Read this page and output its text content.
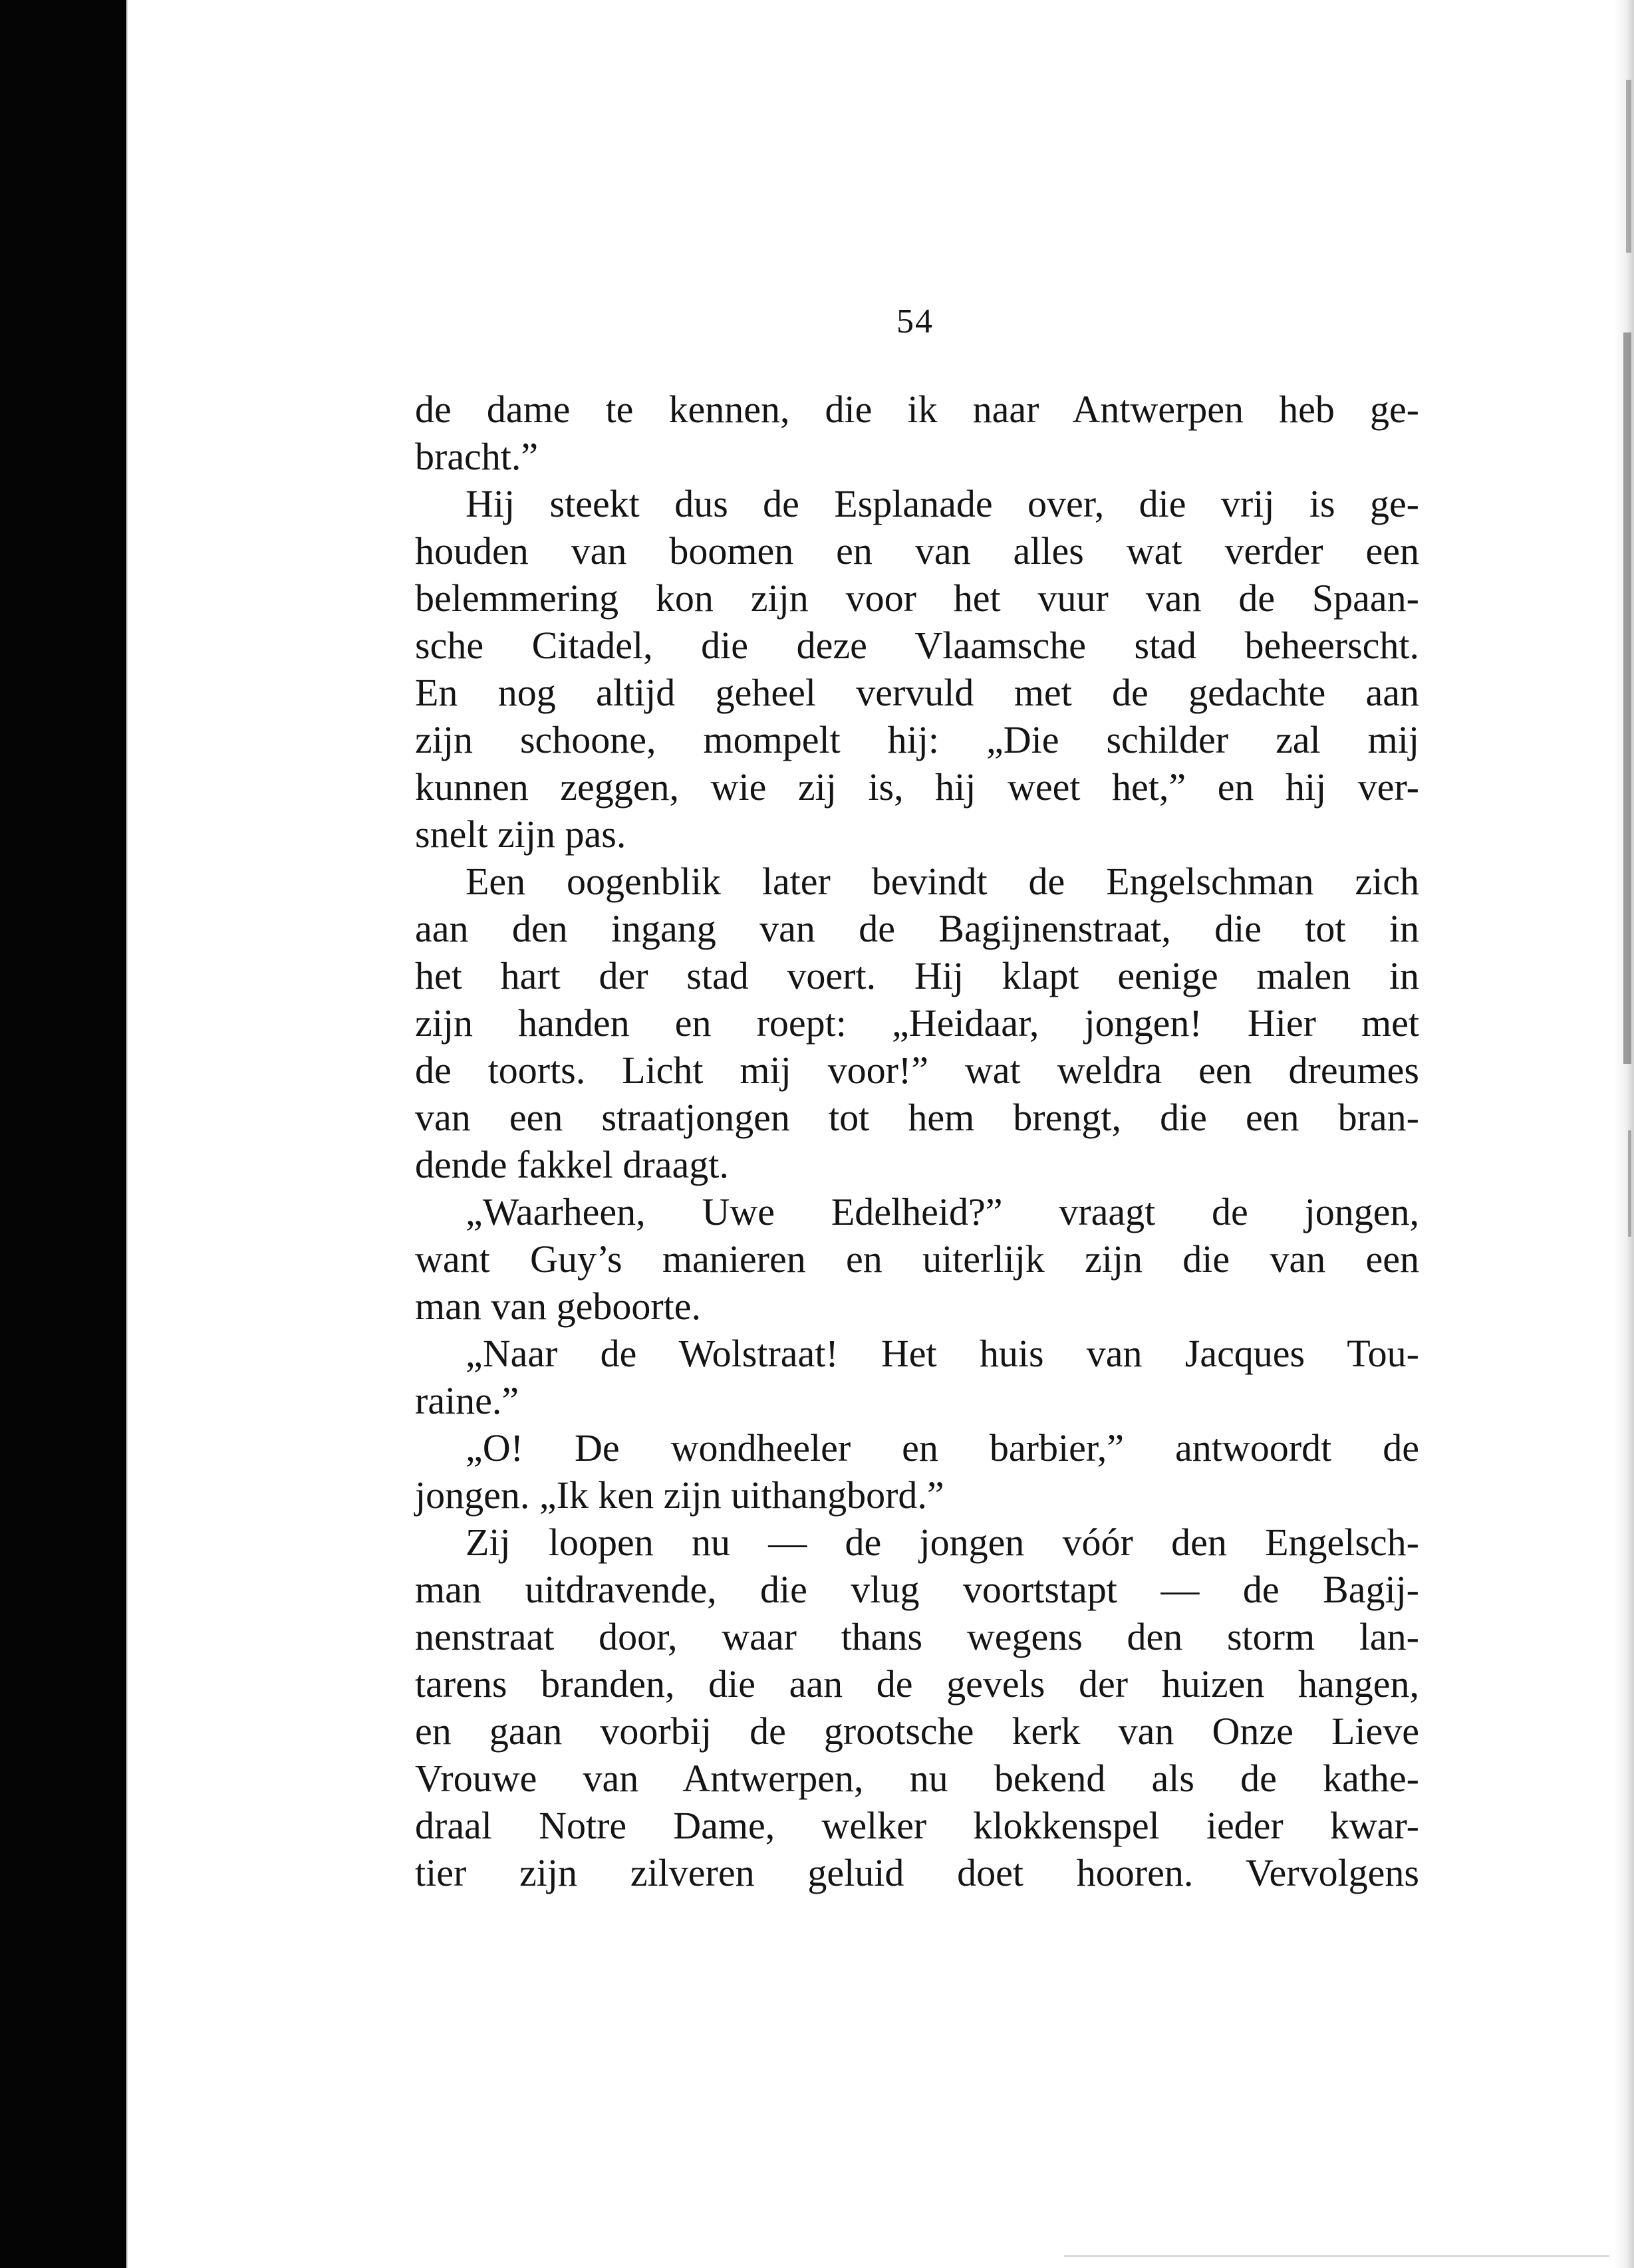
54
de dame te kennen, die ik naar Antwerpen heb ge-
bracht.”
Hij steekt dus de Esplanade over, die vrij is ge-
houden van boomen en van alles wat verder een
belemmering kon zijn voor het vuur van de Spaan-
sche Citadel, die deze Vlaamsche stad beheerscht.
En nog altijd geheel vervuld met de gedachte aan
zijn schoone, mompelt hij: „Die schilder zal mij
kunnen zeggen, wie zij is, hij weet het,” en hij ver-
snelt zijn pas.
Een oogenblik later bevindt de Engelschman zich
aan den ingang van de Bagijnenstraat, die tot in
het hart der stad voert. Hij klapt eenige malen in
zijn handen en roept: „Heidaar, jongen! Hier met
de toorts. Licht mij voor!” wat weldra een dreumes
van een straatjongen tot hem brengt, die een bran-
dende fakkel draagt.
„Waarheen, Uwe Edelheid?” vraagt de jongen,
want Guy’s manieren en uiterlijk zijn die van een
man van geboorte.
„Naar de Wolstraat! Het huis van Jacques Tou-
raine.”
„O! De wondheeler en barbier,” antwoordt de
jongen. „Ik ken zijn uithangbord.”
Zij loopen nu — de jongen vóór den Engelsch-
man uitdravende, die vlug voortstapt — de Bagij-
nenstraat door, waar thans wegens den storm lan-
tarens branden, die aan de gevels der huizen hangen,
en gaan voorbij de grootsche kerk van Onze Lieve
Vrouwe van Antwerpen, nu bekend als de kathe-
draal Notre Dame, welker klokkenspel ieder kwar-
tier zijn zilveren geluid doet hooren. Vervolgens
